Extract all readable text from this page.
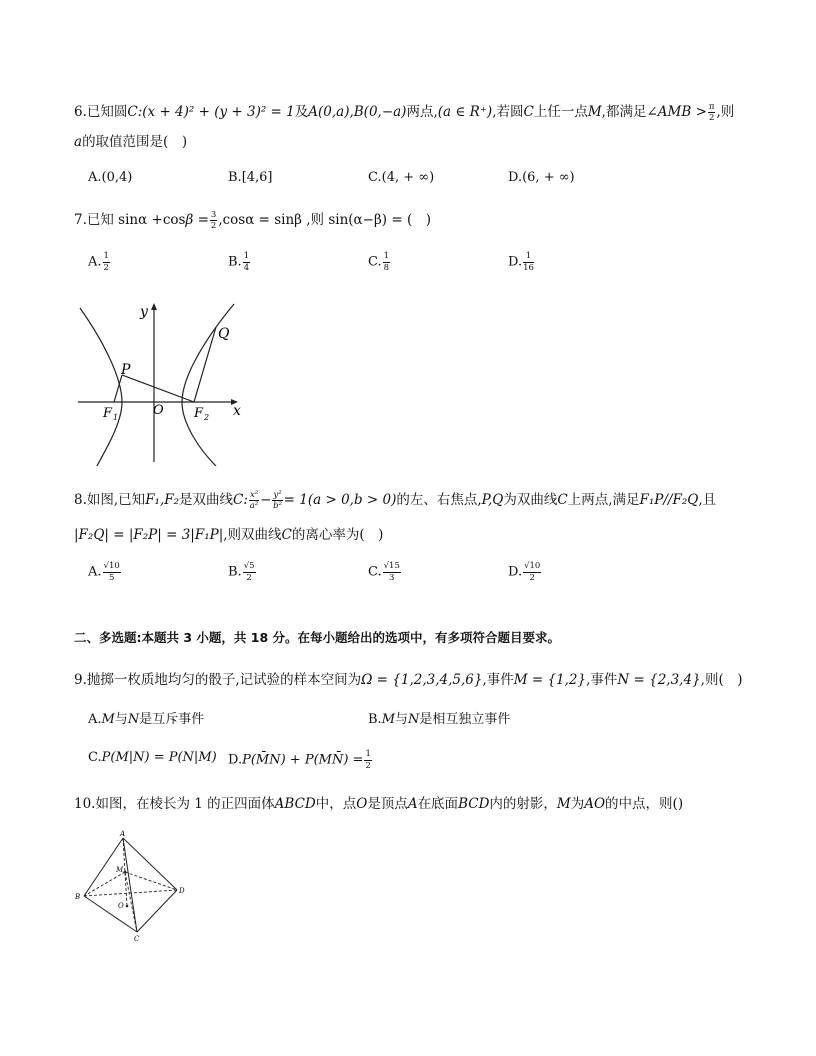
6.已知圆C:(x + 4)² + (y + 3)² = 1及A(0,a),B(0,−a)两点,(a ∈ R⁺),若圆C上任一点M,都满足∠AMB > $\frac{\pi}{2}$ ,则
a的取值范围是(　)
A.(0,4)	B.[4,6]	C.(4, + ∞)	D.(6, + ∞)
7.已知 $\sin\alpha +\cos\beta = \frac{3}{2} ,\cos\alpha = \sin\beta$ ,则 sin(α−β) = (　)
A. $\frac{1}{2}$	B. $\frac{1}{4}$	C. $\frac{1}{8}$	D. $\frac{1}{16}$
y
x
O
P
Q
F 1	F 2
8.如图,已知F₁,F₂是双曲线C: $\frac{\text{x²}}{\text{a²}} - \frac{\text{y²}}{\text{b²}} = 1(a > 0,b > 0)$的左、右焦点,P,Q为双曲线C上两点,满足F₁P//F₂Q,且
|F₂Q| = |F₂P| = 3|F₁P|,则双曲线C的离心率为(　)
A. $\frac{√10}{5}$	B. $\frac{√5}{2}$	C. $\frac{√15}{3}$	D. $\frac{√10}{2}$
二、多选题:本题共 3 小题，共 18 分。在每小题给出的选项中，有多项符合题目要求。
9.抛掷一枚质地均匀的骰子,记试验的样本空间为Ω = {1,2,3,4,5,6},事件M = {1,2},事件N = {2,3,4},则(　)
A.M与N是互斥事件	B.M与N是相互独立事件
C.P(M|N) = P(N|M) D.P(M̄N) + P(MN̄) = $\frac{1}{2}$
10.如图，在棱长为 1 的正四面体ABCD中，点O是顶点A在底面BCD内的射影，M为AO的中点，则()
A
B
C
D
M
O
